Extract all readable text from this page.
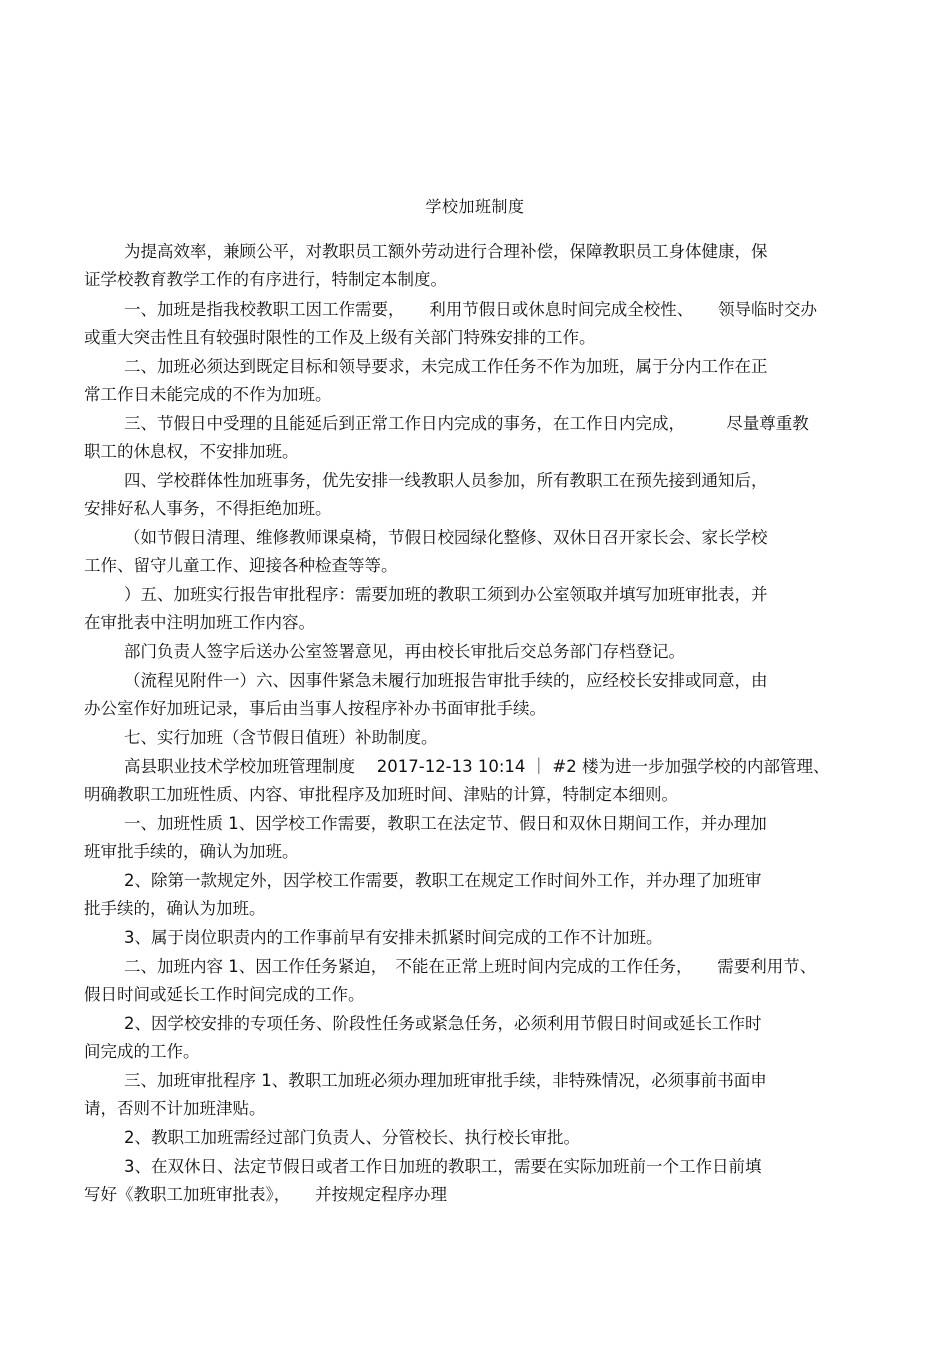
学校加班制度
为提高效率，兼顾公平，对教职员工额外劳动进行合理补偿，保障教职员工身体健康，保
证学校教育教学工作的有序进行，特制定本制度。
一、加班是指我校教职工因工作需要，　　利用节假日或休息时间完成全校性、　　领导临时交办
或重大突击性且有较强时限性的工作及上级有关部门特殊安排的工作。
二、加班必须达到既定目标和领导要求，未完成工作任务不作为加班，属于分内工作在正
常工作日未能完成的不作为加班。
三、节假日中受理的且能延后到正常工作日内完成的事务，在工作日内完成，　　　尽量尊重教
职工的休息权，不安排加班。
四、学校群体性加班事务，优先安排一线教职人员参加，所有教职工在预先接到通知后，
安排好私人事务，不得拒绝加班。
（如节假日清理、维修教师课桌椅，节假日校园绿化整修、双休日召开家长会、家长学校
工作、留守儿童工作、迎接各种检查等等。
）五、加班实行报告审批程序：需要加班的教职工须到办公室领取并填写加班审批表，并
在审批表中注明加班工作内容。
部门负责人签字后送办公室签署意见，再由校长审批后交总务部门存档登记。
（流程见附件一）六、因事件紧急未履行加班报告审批手续的，应经校长安排或同意，由
办公室作好加班记录，事后由当事人按程序补办书面审批手续。
七、实行加班（含节假日值班）补助制度。
高县职业技术学校加班管理制度　 2017-12-13 10:14 ｜ #2 楼为进一步加强学校的内部管理、
明确教职工加班性质、内容、审批程序及加班时间、津贴的计算，特制定本细则。
一、加班性质 1、因学校工作需要，教职工在法定节、假日和双休日期间工作，并办理加
班审批手续的，确认为加班。
2、除第一款规定外，因学校工作需要，教职工在规定工作时间外工作，并办理了加班审
批手续的，确认为加班。
3、属于岗位职责内的工作事前早有安排未抓紧时间完成的工作不计加班。
二、加班内容 1、因工作任务紧迫，　不能在正常上班时间内完成的工作任务，　　需要利用节、
假日时间或延长工作时间完成的工作。
2、因学校安排的专项任务、阶段性任务或紧急任务，必须利用节假日时间或延长工作时
间完成的工作。
三、加班审批程序 1、教职工加班必须办理加班审批手续，非特殊情况，必须事前书面申
请，否则不计加班津贴。
2、教职工加班需经过部门负责人、分管校长、执行校长审批。
3、在双休日、法定节假日或者工作日加班的教职工，需要在实际加班前一个工作日前填
写好《教职工加班审批表》，　　并按规定程序办理
